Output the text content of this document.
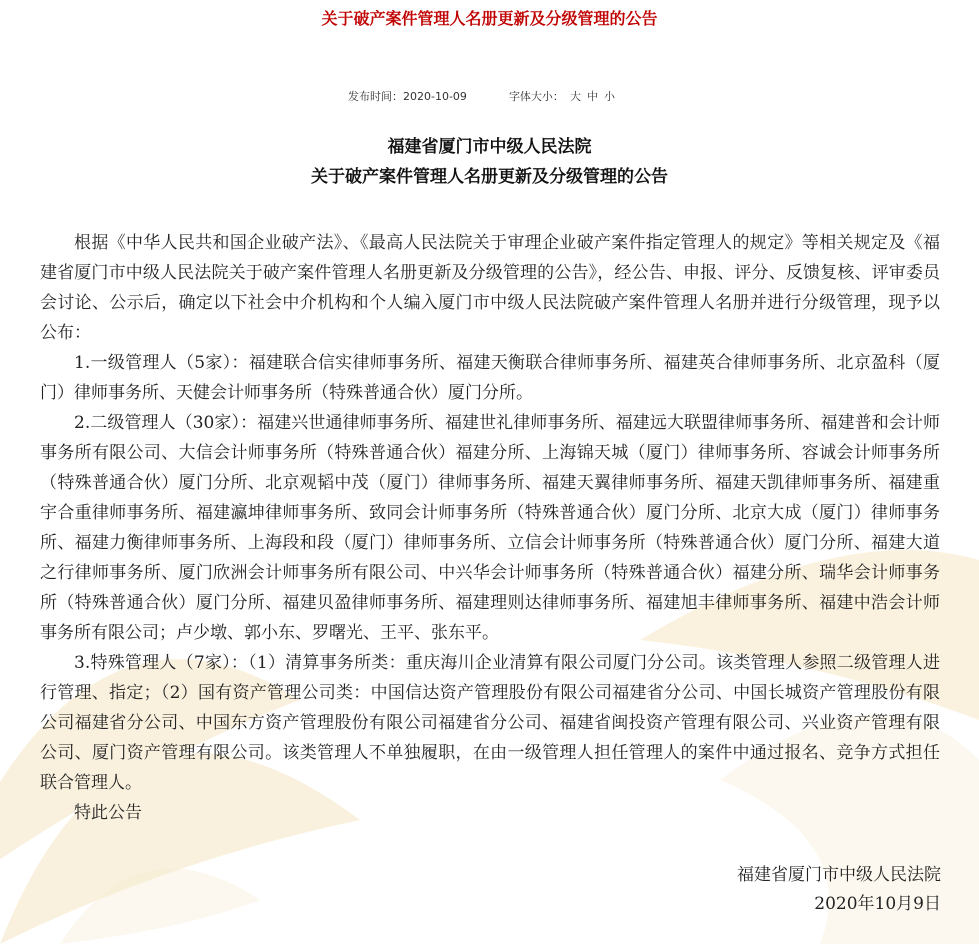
关于破产案件管理人名册更新及分级管理的公告
发布时间：2020-10-09	字体大小： 大 中 小
福建省厦门市中级人民法院
关于破产案件管理人名册更新及分级管理的公告

根据《中华人民共和国企业破产法》、《最高人民法院关于审理企业破产案件指定管理人的规定》等相关规定及《福建省厦门市中级人民法院关于破产案件管理人名册更新及分级管理的公告》，经公告、申报、评分、反馈复核、评审委员会讨论、公示后，确定以下社会中介机构和个人编入厦门市中级人民法院破产案件管理人名册并进行分级管理，现予以公布：

1.一级管理人（5家）：福建联合信实律师事务所、福建天衡联合律师事务所、福建英合律师事务所、北京盈科（厦门）律师事务所、天健会计师事务所（特殊普通合伙）厦门分所。

2.二级管理人（30家）：福建兴世通律师事务所、福建世礼律师事务所、福建远大联盟律师事务所、福建普和会计师事务所有限公司、大信会计师事务所（特殊普通合伙）福建分所、上海锦天城（厦门）律师事务所、容诚会计师事务所（特殊普通合伙）厦门分所、北京观韬中茂（厦门）律师事务所、福建天翼律师事务所、福建天凯律师事务所、福建重宇合重律师事务所、福建瀛坤律师事务所、致同会计师事务所（特殊普通合伙）厦门分所、北京大成（厦门）律师事务所、福建力衡律师事务所、上海段和段（厦门）律师事务所、立信会计师事务所（特殊普通合伙）厦门分所、福建大道之行律师事务所、厦门欣洲会计师事务所有限公司、中兴华会计师事务所（特殊普通合伙）福建分所、瑞华会计师事务所（特殊普通合伙）厦门分所、福建贝盈律师事务所、福建理则达律师事务所、福建旭丰律师事务所、福建中浩会计师事务所有限公司；卢少墩、郭小东、罗曙光、王平、张东平。

3.特殊管理人（7家）：（1）清算事务所类：重庆海川企业清算有限公司厦门分公司。该类管理人参照二级管理人进行管理、指定；（2）国有资产管理公司类：中国信达资产管理股份有限公司福建省分公司、中国长城资产管理股份有限公司福建省分公司、中国东方资产管理股份有限公司福建省分公司、福建省闽投资产管理有限公司、兴业资产管理有限公司、厦门资产管理有限公司。该类管理人不单独履职，在由一级管理人担任管理人的案件中通过报名、竞争方式担任联合管理人。

特此公告

福建省厦门市中级人民法院
2020年10月9日
